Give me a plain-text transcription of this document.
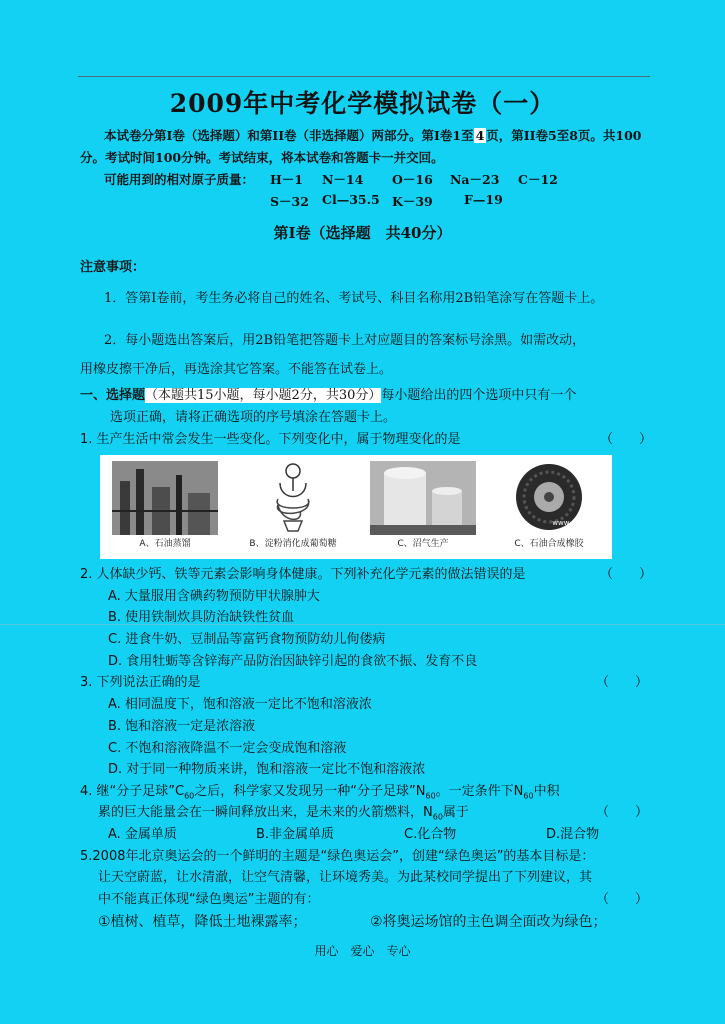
2009年中考化学模拟试卷（一）
本试卷分第I卷（选择题）和第II卷（非选择题）两部分。第I卷1至 4 页，第II卷5至8页。共100
分。考试时间100分钟。考试结束，将本试卷和答题卡一并交回。
可能用到的相对原子质量： H－1 N－14 O－16 Na－23 C－12
S－32 Cl—35.5 K－39 F—19
第I卷（选择题　共40分）
注意事项：
1．答第I卷前，考生务必将自己的姓名、考试号、科目名称用2B铅笔涂写在答题卡上。
2．每小题选出答案后，用2B铅笔把答题卡上对应题目的答案标号涂黑。如需改动，
用橡皮擦干净后，再选涂其它答案。不能答在试卷上。
一、选择题（本题共15小题，每小题2分，共30分）每小题给出的四个选项中只有一个
选项正确，请将正确选项的序号填涂在答题卡上。
1. 生产生活中常会发生一些变化。下列变化中，属于物理变化的是	（　　）
A、石油蒸馏	B、淀粉消化成葡萄糖	C、沼气生产
www.mmm.cn
C、石油合成橡胶
2. 人体缺少钙、铁等元素会影响身体健康。下列补充化学元素的做法错误的是	（　　）
A. 大量服用含碘药物预防甲状腺肿大
B. 使用铁制炊具防治缺铁性贫血
C. 进食牛奶、豆制品等富钙食物预防幼儿佝偻病
D. 食用牡蛎等含锌海产品防治因缺锌引起的食欲不振、发育不良
3. 下列说法正确的是	（　　）
A. 相同温度下，饱和溶液一定比不饱和溶液浓
B. 饱和溶液一定是浓溶液
C. 不饱和溶液降温不一定会变成饱和溶液
D. 对于同一种物质来讲，饱和溶液一定比不饱和溶液浓
4. 继“分子足球$”C_{60}$之后，科学家又发现另一种“分子足球$”N_{60}$。一定条件下$N_{60}$中积
累的巨大能量会在一瞬间释放出来，是未来的火箭燃料，$N_{60}$属于	（　　）
A. 金属单质	B.非金属单质	C.化合物	D.混合物
5.2008年北京奥运会的一个鲜明的主题是“绿色奥运会”，创建“绿色奥运”的基本目标是：
让天空蔚蓝，让水清澈，让空气清馨，让环境秀美。为此某校同学提出了下列建议，其
中不能真正体现“绿色奥运”主题的有：	（　　）
①植树、植草，降低土地裸露率；	②将奥运场馆的主色调全面改为绿色；
用心　爱心　专心
